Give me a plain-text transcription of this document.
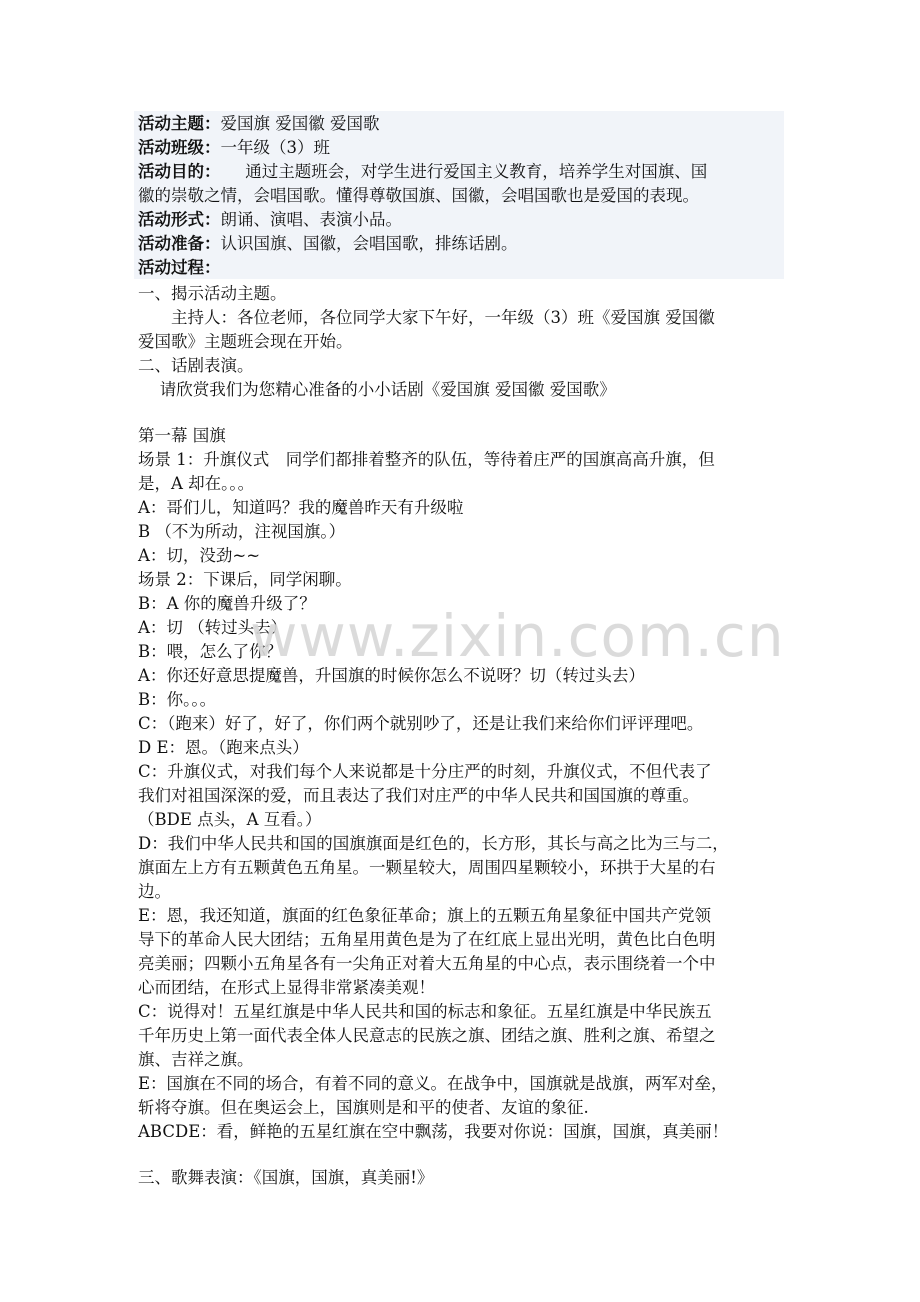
活动主题：爱国旗 爱国徽 爱国歌
活动班级：一年级（3）班
活动目的：　　通过主题班会，对学生进行爱国主义教育，培养学生对国旗、国
徽的崇敬之情，会唱国歌。懂得尊敬国旗、国徽，会唱国歌也是爱国的表现。
活动形式：朗诵、演唱、表演小品。
活动准备：认识国旗、国徽，会唱国歌，排练话剧。
活动过程：
一、揭示活动主题。
　　主持人：各位老师，各位同学大家下午好，一年级（3）班《爱国旗 爱国徽
爱国歌》主题班会现在开始。
二、话剧表演。
　 请欣赏我们为您精心准备的小小话剧《爱国旗 爱国徽 爱国歌》
第一幕 国旗
场景 1：升旗仪式　同学们都排着整齐的队伍，等待着庄严的国旗高高升旗，但
是，A 却在。。。
A：哥们儿，知道吗？我的魔兽昨天有升级啦
B （不为所动，注视国旗。）
A：切，没劲~~
场景 2：下课后，同学闲聊。
B：A 你的魔兽升级了？
A：切 （转过头去）
B：喂，怎么了你？
A：你还好意思提魔兽，升国旗的时候你怎么不说呀？切（转过头去）
B：你。。。
C：（跑来）好了，好了，你们两个就别吵了，还是让我们来给你们评评理吧。
D E：恩。（跑来点头）
C：升旗仪式，对我们每个人来说都是十分庄严的时刻，升旗仪式，不但代表了
我们对祖国深深的爱，而且表达了我们对庄严的中华人民共和国国旗的尊重。
（BDE 点头，A 互看。）
D：我们中华人民共和国的国旗旗面是红色的，长方形，其长与高之比为三与二，
旗面左上方有五颗黄色五角星。一颗星较大，周围四星颗较小，环拱于大星的右
边。
E：恩，我还知道，旗面的红色象征革命；旗上的五颗五角星象征中国共产党领
导下的革命人民大团结；五角星用黄色是为了在红底上显出光明，黄色比白色明
亮美丽；四颗小五角星各有一尖角正对着大五角星的中心点，表示围绕着一个中
心而团结，在形式上显得非常紧凑美观！
C：说得对！五星红旗是中华人民共和国的标志和象征。五星红旗是中华民族五
千年历史上第一面代表全体人民意志的民族之旗、团结之旗、胜利之旗、希望之
旗、吉祥之旗。
E：国旗在不同的场合，有着不同的意义。在战争中，国旗就是战旗，两军对垒，
斩将夺旗。但在奥运会上，国旗则是和平的使者、友谊的象征.
ABCDE：看，鲜艳的五星红旗在空中飘荡，我要对你说：国旗，国旗，真美丽！
三、歌舞表演：《国旗，国旗，真美丽!》
www.zixin.com.cn
